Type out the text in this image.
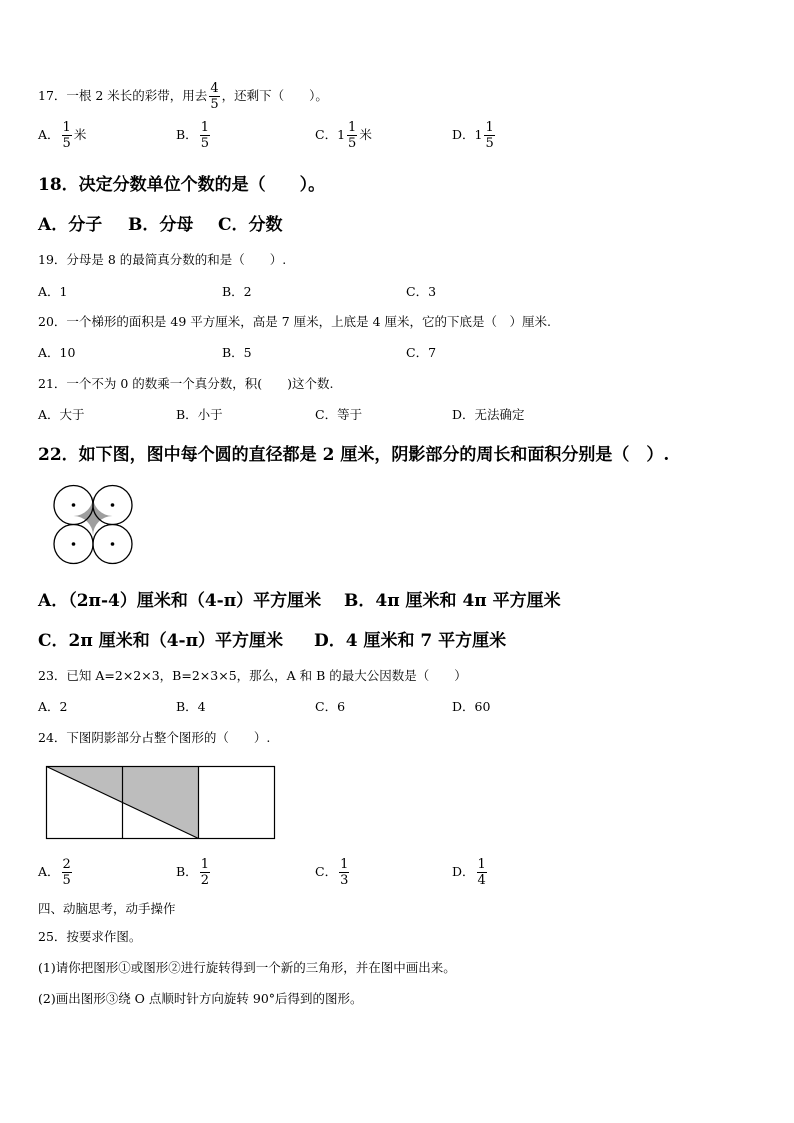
17．一根 2 米长的彩带，用去 $\frac{4}{5}$ ，还剩下（　　）。
A． $\frac{1}{5}$ 米	B． $\frac{1}{5}$	C．$1 \frac{1}{5}$ 米	D．$1 \frac{1}{5}$
18．决定分数单位个数的是（　　）。
A．分子 B．分母 C．分数
19．分母是 8 的最简真分数的和是（　　）.
A．1	B．2	C．3
20．一个梯形的面积是 49 平方厘米，高是 7 厘米，上底是 4 厘米，它的下底是（　）厘米.
A．10	B．5	C．7
21．一个不为 0 的数乘一个真分数，积(　　)这个数.
A．大于	B．小于	C．等于	D．无法确定
22．如下图，图中每个圆的直径都是 2 厘米，阴影部分的周长和面积分别是（　）.
A．（2π-4）厘米和（4-π）平方厘米 B．4π 厘米和 4π 平方厘米
C．2π 厘米和（4-π）平方厘米 D．4 厘米和 7 平方厘米
23．已知 A=2×2×3，B=2×3×5，那么，A 和 B 的最大公因数是（　　）
A．2	B．4	C．6	D．60
24．下图阴影部分占整个图形的（　　）.
A． $\frac{2}{5}$	B． $\frac{1}{2}$	C． $\frac{1}{3}$	D． $\frac{1}{4}$
四、动脑思考，动手操作
25．按要求作图。
(1)请你把图形①或图形②进行旋转得到一个新的三角形，并在图中画出来。
(2)画出图形③绕 O 点顺时针方向旋转 90°后得到的图形。
